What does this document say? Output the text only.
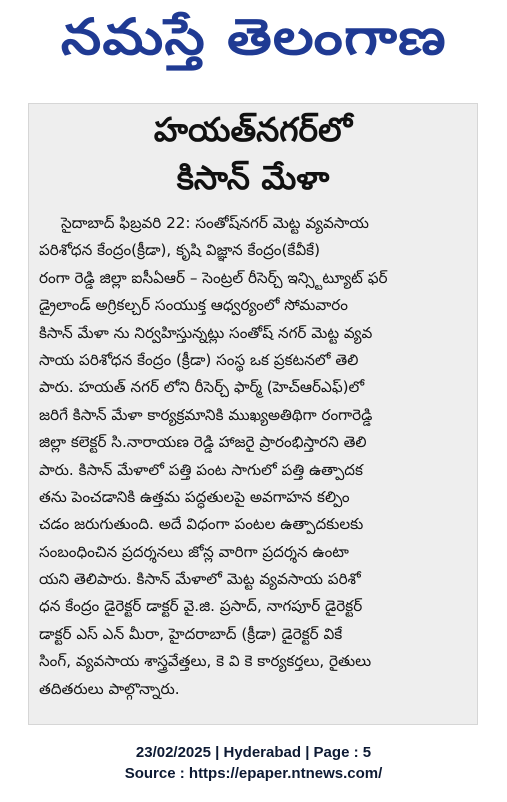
నమస్తే తెలంగాణ
హయత్‌నగర్‌లో
కిసాన్ మేళా
సైదాబాద్ ఫిబ్రవరి 22: సంతోష్‌నగర్ మెట్ట వ్యవసాయ
పరిశోధన కేంద్రం(క్రీడా), కృషి విజ్ఞాన కేంద్రం(కేవీకే)
రంగా రెడ్డి జిల్లా ఐసీఏఆర్ – సెంట్రల్ రీసెర్చ్ ఇన్స్టిట్యూట్ ఫర్
డ్రైలాండ్ అగ్రికల్చర్ సంయుక్త ఆధ్వర్యంలో సోమవారం
కిసాన్ మేళా ను నిర్వహిస్తున్నట్లు సంతోష్ నగర్ మెట్ట వ్యవ
సాయ పరిశోధన కేంద్రం (క్రీడా) సంస్థ ఒక ప్రకటనలో తెలి
పారు. హయత్ నగర్ లోని రీసెర్చ్ ఫార్మ్ (హెచ్ఆర్ఎఫ్)లో
జరిగే కిసాన్ మేళా కార్యక్రమానికి ముఖ్యఅతిథిగా రంగారెడ్డి
జిల్లా కలెక్టర్ సి.నారాయణ రెడ్డి హాజరై ప్రారంభిస్తారని తెలి
పారు. కిసాన్ మేళాలో పత్తి పంట సాగులో పత్తి ఉత్పాదక
తను పెంచడానికి ఉత్తమ పద్ధతులపై అవగాహన కల్పిం
చడం జరుగుతుంది. అదే విధంగా పంటల ఉత్పాదకులకు
సంబంధించిన ప్రదర్శనలు జోన్ల వారిగా ప్రదర్శన ఉంటా
యని తెలిపారు. కిసాన్ మేళాలో మెట్ట వ్యవసాయ పరిశో
ధన కేంద్రం డైరెక్టర్ డాక్టర్ వై.జి. ప్రసాద్, నాగపూర్ డైరెక్టర్
డాక్టర్ ఎస్ ఎన్ మీరా, హైదరాబాద్ (క్రీడా) డైరెక్టర్ వికే
సింగ్, వ్యవసాయ శాస్త్రవేత్తలు, కె వి కె కార్యకర్తలు, రైతులు
తదితరులు పాల్గొన్నారు.
23/02/2025 | Hyderabad | Page : 5
Source : https://epaper.ntnews.com/
